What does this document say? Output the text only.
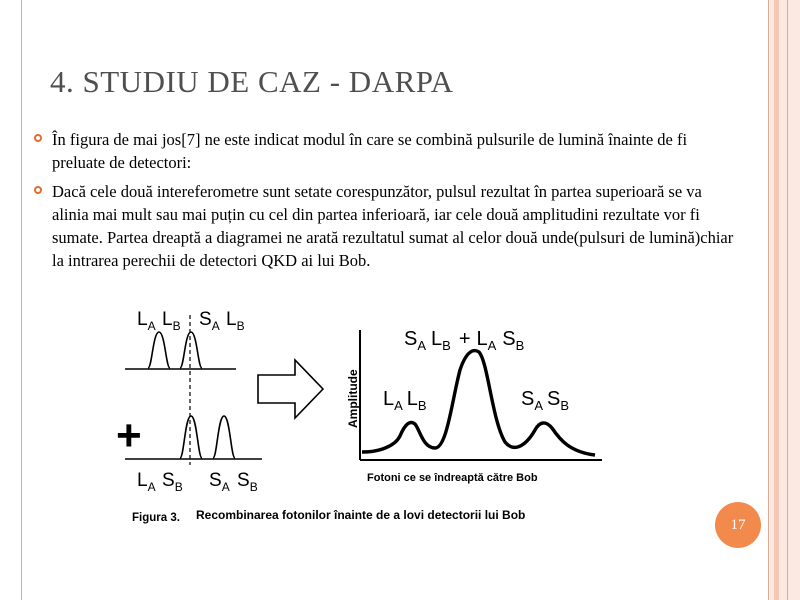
4. STUDIU DE CAZ - DARPA
În figura de mai jos[7] ne este indicat modul în care se combină pulsurile de lumină înainte de fi preluate de detectori:
Dacă cele două intereferometre sunt setate corespunzător, pulsul rezultat în partea superioară se va alinia mai mult sau mai puțin cu cel din partea inferioară, iar cele două amplitudini rezultate vor fi sumate. Partea dreaptă a diagramei ne arată rezultatul sumat al celor două unde(pulsuri de lumină)chiar la intrarea perechii de detectori QKD ai lui Bob.
$L_A$ $L_B$ $S_A$ $L_B$
+
$L_A$ $S_B$ $S_A$ $S_B$
Amplitude
Fotoni ce se îndreaptă către Bob
$S_A$ $L_B + L_A$ $S_B$
$L_A$ $L_B$	$S_A$ $S_B$
Figura 3. Recombinarea fotonilor înainte de a lovi detectorii lui Bob
17
